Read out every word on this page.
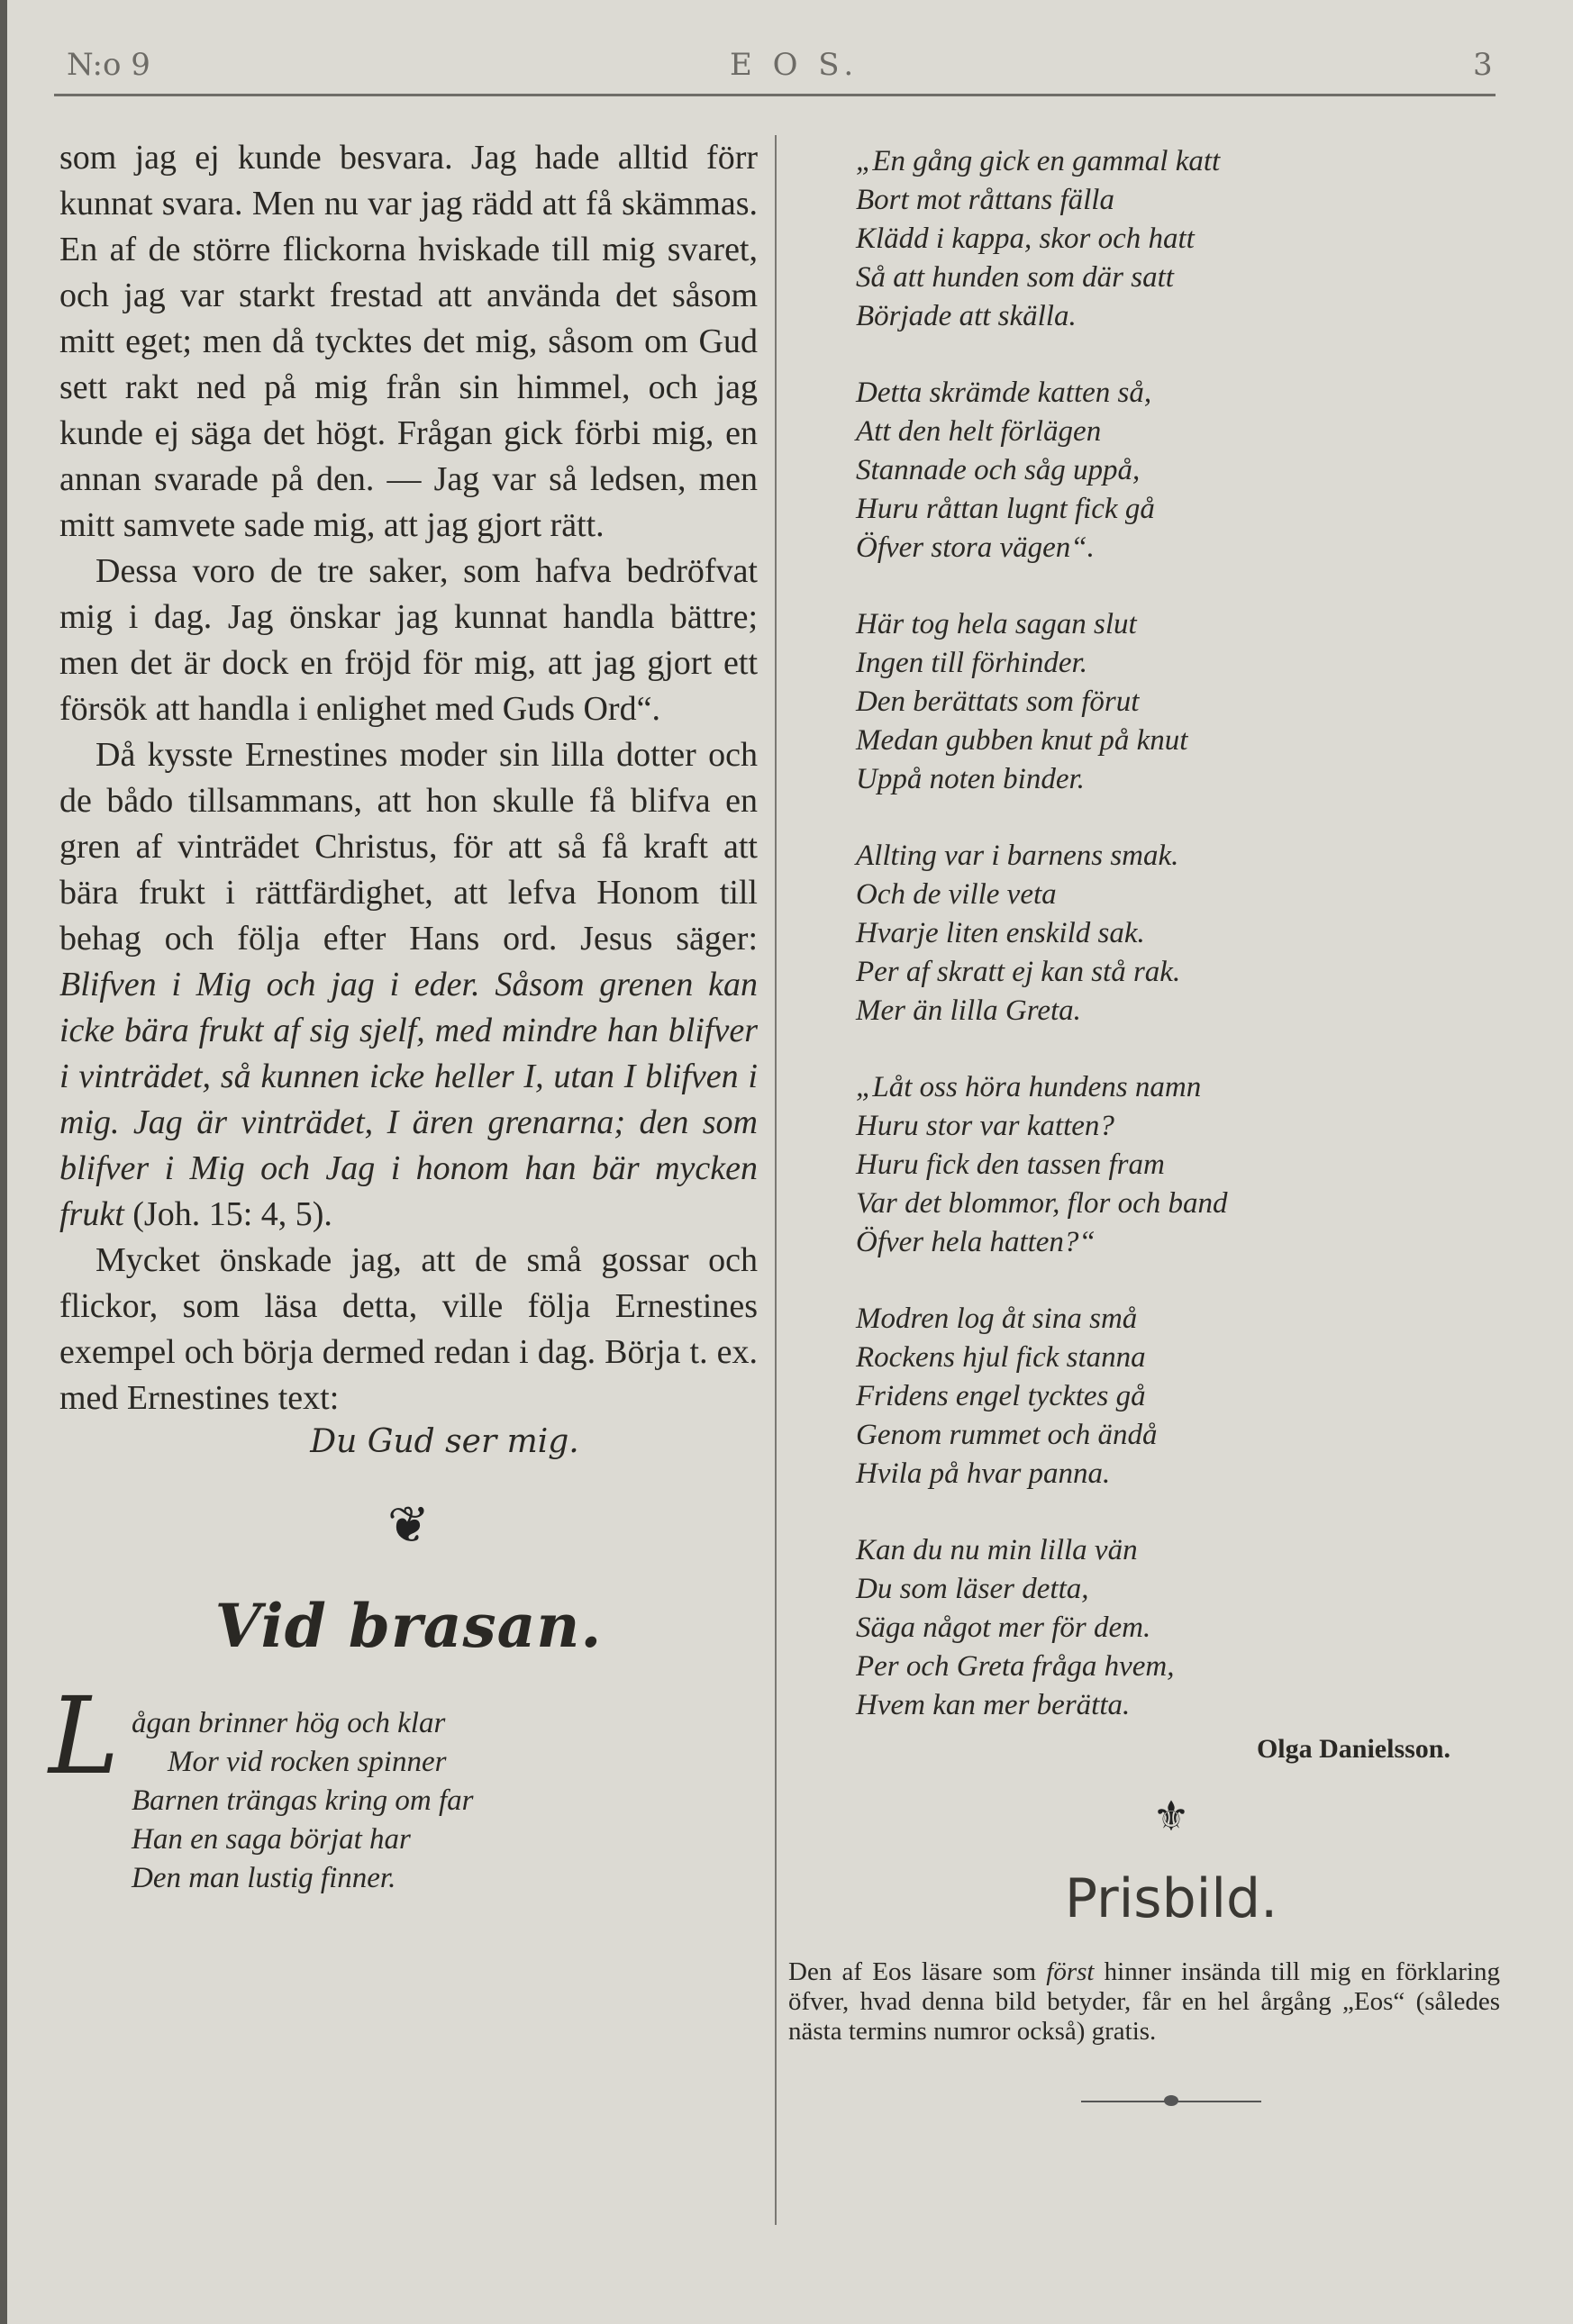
N:o 9	E O S.	3

som jag ej kunde besvara. Jag hade alltid förr kunnat svara. Men nu var jag rädd att få skämmas. En af de större flickorna hviskade till mig svaret, och jag var starkt frestad att använda det såsom mitt eget; men då tycktes det mig, såsom om Gud sett rakt ned på mig från sin himmel, och jag kunde ej säga det högt. Frågan gick förbi mig, en annan svarade på den. — Jag var så ledsen, men mitt samvete sade mig, att jag gjort rätt.

Dessa voro de tre saker, som hafva bedröfvat mig i dag. Jag önskar jag kunnat handla bättre; men det är dock en fröjd för mig, att jag gjort ett försök att handla i enlighet med Guds Ord“.

Då kysste Ernestines moder sin lilla dotter och de bådo tillsammans, att hon skulle få blifva en gren af vinträdet Christus, för att så få kraft att bära frukt i rättfärdighet, att lefva Honom till behag och följa efter Hans ord. Jesus säger: Blifven i Mig och jag i eder. Såsom grenen kan icke bära frukt af sig sjelf, med mindre han blifver i vinträdet, så kunnen icke heller I, utan I blifven i mig. Jag är vinträdet, I ären grenarna; den som blifver i Mig och Jag i honom han bär mycken frukt (Joh. 15: 4, 5).

Mycket önskade jag, att de små gossar och flickor, som läsa detta, ville följa Ernestines exempel och börja dermed redan i dag. Börja t. ex. med Ernestines text:

Du Gud ser mig.
❦
Vid brasan.
L ågan brinner hög och klar
Mor vid rocken spinner
Barnen trängas kring om far
Han en saga börjat har
Den man lustig finner.
„En gång gick en gammal katt
Bort mot råttans fälla
Klädd i kappa, skor och hatt
Så att hunden som där satt
Började att skälla.
Detta skrämde katten så,
Att den helt förlägen
Stannade och såg uppå,
Huru råttan lugnt fick gå
Öfver stora vägen“.
Här tog hela sagan slut
Ingen till förhinder.
Den berättats som förut
Medan gubben knut på knut
Uppå noten binder.
Allting var i barnens smak.
Och de ville veta
Hvarje liten enskild sak.
Per af skratt ej kan stå rak.
Mer än lilla Greta.
„Låt oss höra hundens namn
Huru stor var katten?
Huru fick den tassen fram
Var det blommor, flor och band
Öfver hela hatten?“
Modren log åt sina små
Rockens hjul fick stanna
Fridens engel tycktes gå
Genom rummet och ändå
Hvila på hvar panna.
Kan du nu min lilla vän
Du som läser detta,
Säga något mer för dem.
Per och Greta fråga hvem,
Hvem kan mer berätta.
Olga Danielsson.
⚜
Prisbild.
Den af Eos läsare som först hinner insända till mig en förklaring öfver, hvad denna bild betyder, får en hel årgång „Eos“ (således nästa termins numror också) gratis.
